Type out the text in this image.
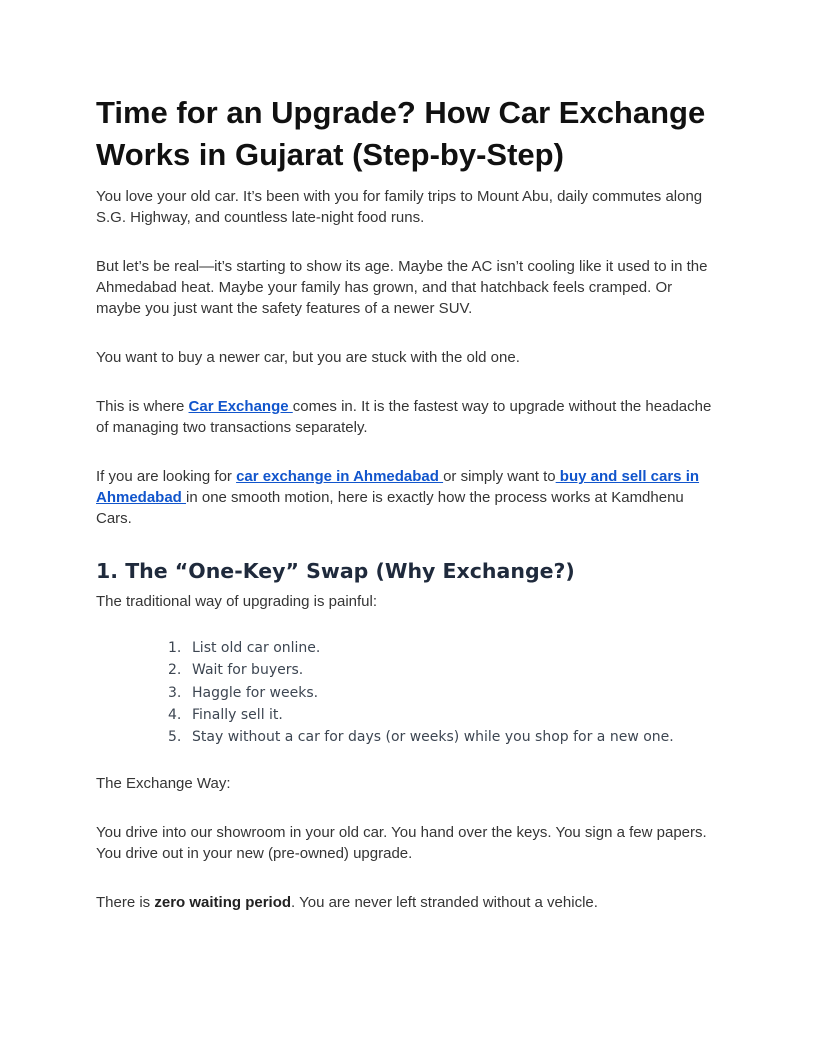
Time for an Upgrade? How Car Exchange Works in Gujarat (Step-by-Step)

You love your old car. It’s been with you for family trips to Mount Abu, daily commutes along S.G. Highway, and countless late-night food runs.

But let’s be real—it’s starting to show its age. Maybe the AC isn’t cooling like it used to in the Ahmedabad heat. Maybe your family has grown, and that hatchback feels cramped. Or maybe you just want the safety features of a newer SUV.

You want to buy a newer car, but you are stuck with the old one.

This is where Car Exchange comes in. It is the fastest way to upgrade without the headache of managing two transactions separately.

If you are looking for car exchange in Ahmedabad or simply want to buy and sell cars in Ahmedabad in one smooth motion, here is exactly how the process works at Kamdhenu Cars.

1. The “One-Key” Swap (Why Exchange?)

The traditional way of upgrading is painful:

1. List old car online.
2. Wait for buyers.
3. Haggle for weeks.
4. Finally sell it.
5. Stay without a car for days (or weeks) while you shop for a new one.

The Exchange Way:

You drive into our showroom in your old car. You hand over the keys. You sign a few papers. You drive out in your new (pre-owned) upgrade.

There is zero waiting period. You are never left stranded without a vehicle.
